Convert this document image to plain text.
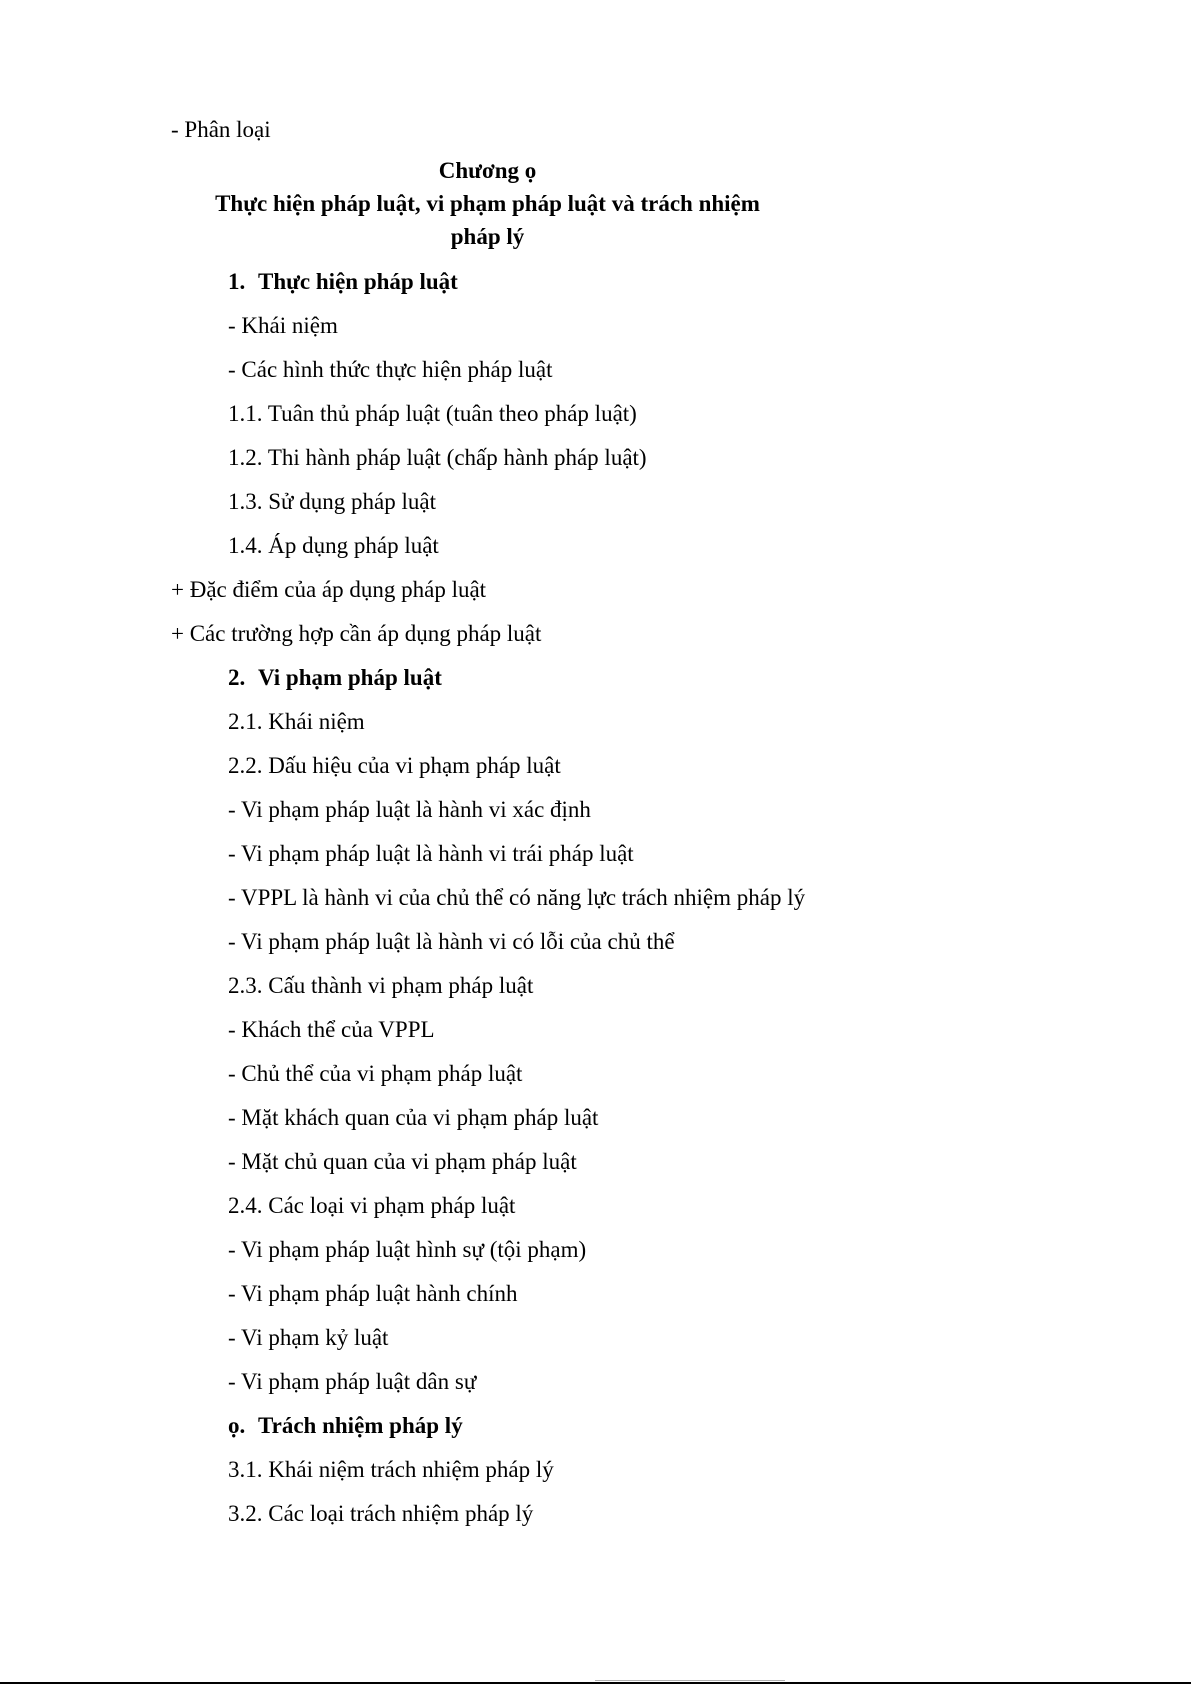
- Phân loại
Chương ọ
Thực hiện pháp luật, vi phạm pháp luật và trách nhiệm
pháp lý
1. Thực hiện pháp luật
- Khái niệm
- Các hình thức thực hiện pháp luật
1.1. Tuân thủ pháp luật (tuân theo pháp luật)
1.2. Thi hành pháp luật (chấp hành pháp luật)
1.3. Sử dụng pháp luật
1.4. Áp dụng pháp luật
+ Đặc điểm của áp dụng pháp luật
+ Các trường hợp cần áp dụng pháp luật
2. Vi phạm pháp luật
2.1. Khái niệm
2.2. Dấu hiệu của vi phạm pháp luật
- Vi phạm pháp luật là hành vi xác định
- Vi phạm pháp luật là hành vi trái pháp luật
- VPPL là hành vi của chủ thể có năng lực trách nhiệm pháp lý
- Vi phạm pháp luật là hành vi có lỗi của chủ thể
2.3. Cấu thành vi phạm pháp luật
- Khách thể của VPPL
- Chủ thể của vi phạm pháp luật
- Mặt khách quan của vi phạm pháp luật
- Mặt chủ quan của vi phạm pháp luật
2.4. Các loại vi phạm pháp luật
- Vi phạm pháp luật hình sự (tội phạm)
- Vi phạm pháp luật hành chính
- Vi phạm kỷ luật
- Vi phạm pháp luật dân sự
ọ. Trách nhiệm pháp lý
3.1. Khái niệm trách nhiệm pháp lý
3.2. Các loại trách nhiệm pháp lý
